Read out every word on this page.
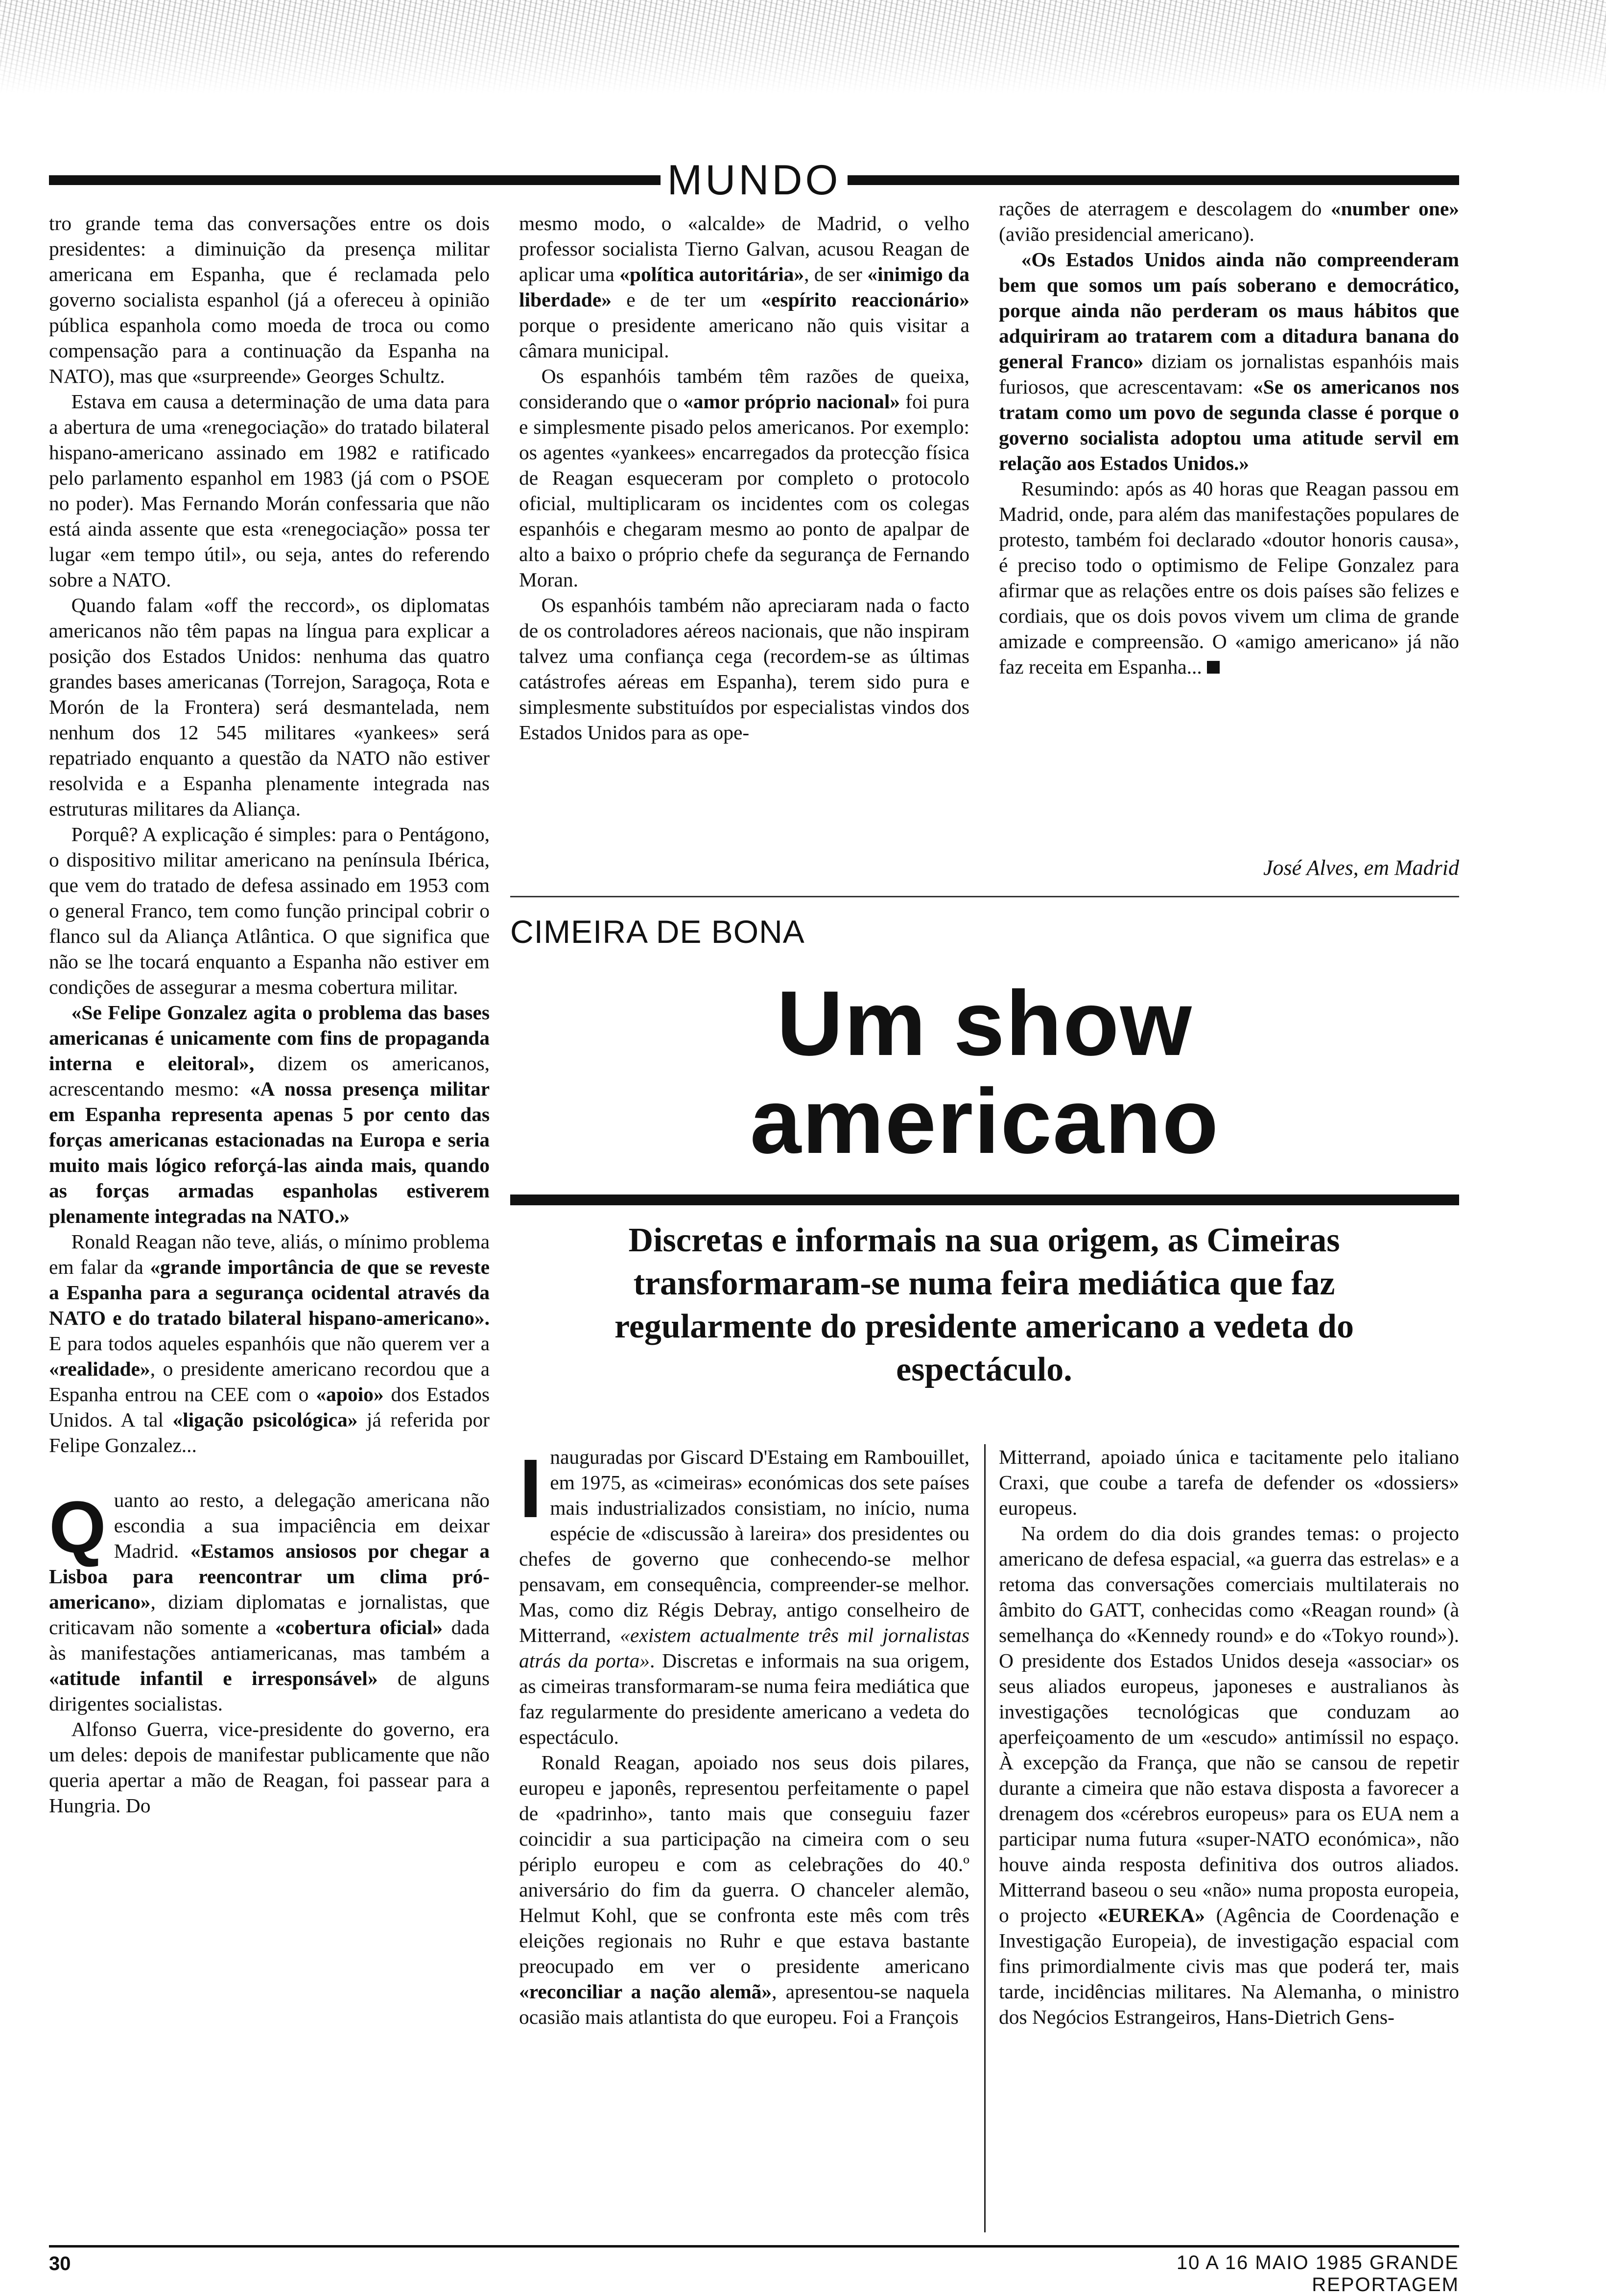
MUNDO

tro grande tema das conversações entre os dois presidentes: a diminuição da presença militar americana em Espanha, que é reclamada pelo governo socialista espanhol (já a ofereceu à opinião pública espanhola como moeda de troca ou como compensação para a continuação da Espanha na NATO), mas que «surpreende» Georges Schultz.

Estava em causa a determinação de uma data para a abertura de uma «renegociação» do tratado bilateral hispano-americano assinado em 1982 e ratificado pelo parlamento espanhol em 1983 (já com o PSOE no poder). Mas Fernando Morán confessaria que não está ainda assente que esta «renegociação» possa ter lugar «em tempo útil», ou seja, antes do referendo sobre a NATO.

Quando falam «off the reccord», os diplomatas americanos não têm papas na língua para explicar a posição dos Estados Unidos: nenhuma das quatro grandes bases americanas (Torrejon, Saragoça, Rota e Morón de la Frontera) será desmantelada, nem nenhum dos 12 545 militares «yankees» será repatriado enquanto a questão da NATO não estiver resolvida e a Espanha plenamente integrada nas estruturas militares da Aliança.

Porquê? A explicação é simples: para o Pentágono, o dispositivo militar americano na península Ibérica, que vem do tratado de defesa assinado em 1953 com o general Franco, tem como função principal cobrir o flanco sul da Aliança Atlântica. O que significa que não se lhe tocará enquanto a Espanha não estiver em condições de assegurar a mesma cobertura militar.

«Se Felipe Gonzalez agita o problema das bases americanas é unicamente com fins de propaganda interna e eleitoral», dizem os americanos, acrescentando mesmo: «A nossa presença militar em Espanha representa apenas 5 por cento das forças americanas estacionadas na Europa e seria muito mais lógico reforçá-las ainda mais, quando as forças armadas espanholas estiverem plenamente integradas na NATO.»

Ronald Reagan não teve, aliás, o mínimo problema em falar da «grande importância de que se reveste a Espanha para a segurança ocidental através da NATO e do tratado bilateral hispano-americano». E para todos aqueles espanhóis que não querem ver a «realidade», o presidente americano recordou que a Espanha entrou na CEE com o «apoio» dos Estados Unidos. A tal «ligação psicológica» já referida por Felipe Gonzalez...

Quanto ao resto, a delegação americana não escondia a sua impaciência em deixar Madrid. «Estamos ansiosos por chegar a Lisboa para reencontrar um clima pró-americano», diziam diplomatas e jornalistas, que criticavam não somente a «cobertura oficial» dada às manifestações antiamericanas, mas também a «atitude infantil e irresponsável» de alguns dirigentes socialistas.

Alfonso Guerra, vice-presidente do governo, era um deles: depois de manifestar publicamente que não queria apertar a mão de Reagan, foi passear para a Hungria. Do

mesmo modo, o «alcalde» de Madrid, o velho professor socialista Tierno Galvan, acusou Reagan de aplicar uma «política autoritária», de ser «inimigo da liberdade» e de ter um «espírito reaccionário» porque o presidente americano não quis visitar a câmara municipal.

Os espanhóis também têm razões de queixa, considerando que o «amor próprio nacional» foi pura e simplesmente pisado pelos americanos. Por exemplo: os agentes «yankees» encarregados da protecção física de Reagan esqueceram por completo o protocolo oficial, multiplicaram os incidentes com os colegas espanhóis e chegaram mesmo ao ponto de apalpar de alto a baixo o próprio chefe da segurança de Fernando Moran.

Os espanhóis também não apreciaram nada o facto de os controladores aéreos nacionais, que não inspiram talvez uma confiança cega (recordem-se as últimas catástrofes aéreas em Espanha), terem sido pura e simplesmente substituídos por especialistas vindos dos Estados Unidos para as ope-

rações de aterragem e descolagem do «number one» (avião presidencial americano).

«Os Estados Unidos ainda não compreenderam bem que somos um país soberano e democrático, porque ainda não perderam os maus hábitos que adquiriram ao tratarem com a ditadura banana do general Franco» diziam os jornalistas espanhóis mais furiosos, que acrescentavam: «Se os americanos nos tratam como um povo de segunda classe é porque o governo socialista adoptou uma atitude servil em relação aos Estados Unidos.»

Resumindo: após as 40 horas que Reagan passou em Madrid, onde, para além das manifestações populares de protesto, também foi declarado «doutor honoris causa», é preciso todo o optimismo de Felipe Gonzalez para afirmar que as relações entre os dois países são felizes e cordiais, que os dois povos vivem um clima de grande amizade e compreensão. O «amigo americano» já não faz receita em Espanha...

José Alves, em Madrid
CIMEIRA DE BONA
Um show
americano
Discretas e informais na sua origem, as Cimeiras transformaram-se numa feira mediática que faz regularmente do presidente americano a vedeta do espectáculo.

Inauguradas por Giscard D'Estaing em Rambouillet, em 1975, as «cimeiras» económicas dos sete países mais industrializados consistiam, no início, numa espécie de «discussão à lareira» dos presidentes ou chefes de governo que conhecendo-se melhor pensavam, em consequência, compreender-se melhor. Mas, como diz Régis Debray, antigo conselheiro de Mitterrand, «existem actualmente três mil jornalistas atrás da porta». Discretas e informais na sua origem, as cimeiras transformaram-se numa feira mediática que faz regularmente do presidente americano a vedeta do espectáculo.

Ronald Reagan, apoiado nos seus dois pilares, europeu e japonês, representou perfeitamente o papel de «padrinho», tanto mais que conseguiu fazer coincidir a sua participação na cimeira com o seu périplo europeu e com as celebrações do 40.º aniversário do fim da guerra. O chanceler alemão, Helmut Kohl, que se confronta este mês com três eleições regionais no Ruhr e que estava bastante preocupado em ver o presidente americano «reconciliar a nação alemã», apresentou-se naquela ocasião mais atlantista do que europeu. Foi a François

Mitterrand, apoiado única e tacitamente pelo italiano Craxi, que coube a tarefa de defender os «dossiers» europeus.

Na ordem do dia dois grandes temas: o projecto americano de defesa espacial, «a guerra das estrelas» e a retoma das conversações comerciais multilaterais no âmbito do GATT, conhecidas como «Reagan round» (à semelhança do «Kennedy round» e do «Tokyo round»). O presidente dos Estados Unidos deseja «associar» os seus aliados europeus, japoneses e australianos às investigações tecnológicas que conduzam ao aperfeiçoamento de um «escudo» antimíssil no espaço. À excepção da França, que não se cansou de repetir durante a cimeira que não estava disposta a favorecer a drenagem dos «cérebros europeus» para os EUA nem a participar numa futura «super-NATO económica», não houve ainda resposta definitiva dos outros aliados. Mitterrand baseou o seu «não» numa proposta europeia, o projecto «EUREKA» (Agência de Coordenação e Investigação Europeia), de investigação espacial com fins primordialmente civis mas que poderá ter, mais tarde, incidências militares. Na Alemanha, o ministro dos Negócios Estrangeiros, Hans-Dietrich Gens-

30	10 A 16 MAIO 1985 GRANDE REPORTAGEM
